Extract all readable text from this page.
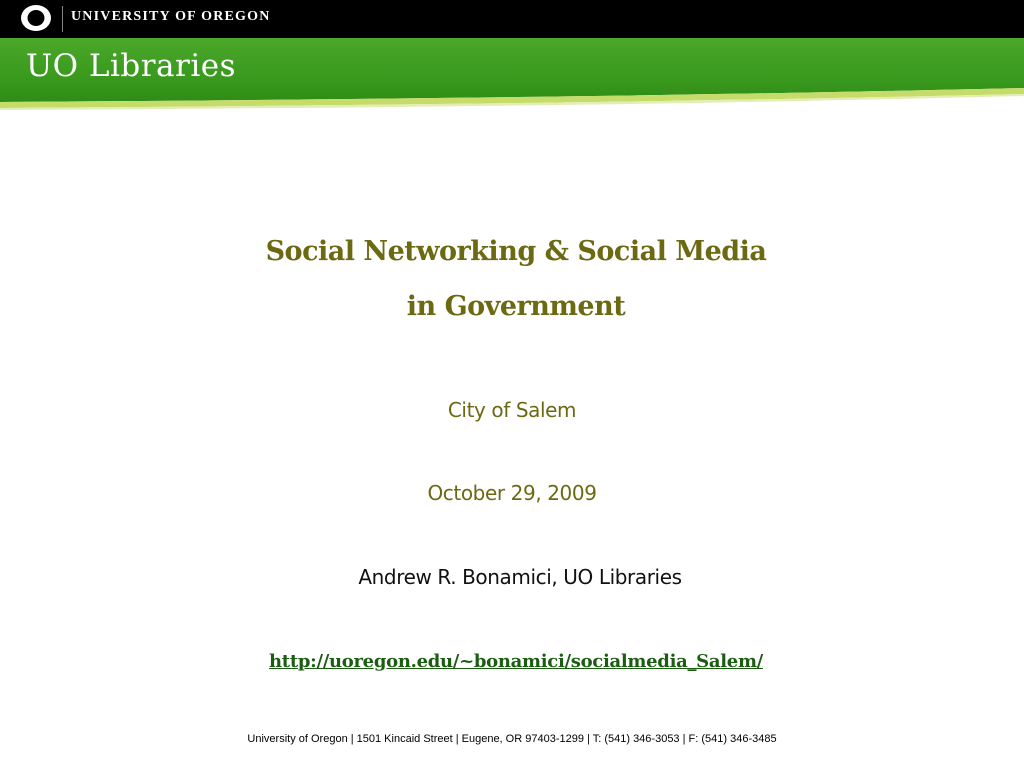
UNIVERSITY OF OREGON
UO Libraries
Social Networking & Social Media
in Government
City of Salem
October 29, 2009
Andrew R. Bonamici, UO Libraries
http://uoregon.edu/~bonamici/socialmedia_Salem/
University of Oregon | 1501 Kincaid Street | Eugene, OR 97403-1299 | T: (541) 346-3053 | F: (541) 346-3485
